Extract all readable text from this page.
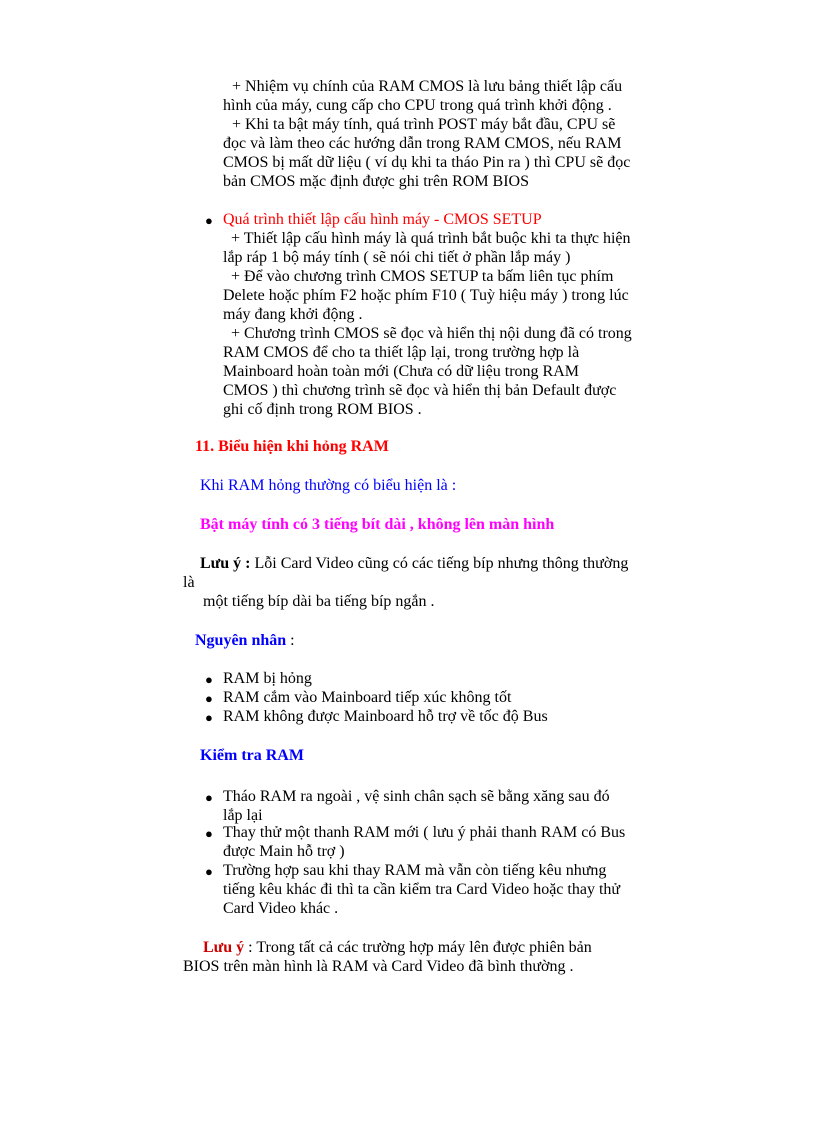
+ Nhiệm vụ chính của RAM CMOS là lưu bảng thiết lập cấu
hình của máy, cung cấp cho CPU trong quá trình khởi động .
+ Khi ta bật máy tính, quá trình POST máy bắt đầu, CPU sẽ
đọc và làm theo các hướng dẫn trong RAM CMOS, nếu RAM
CMOS bị mất dữ liệu ( ví dụ khi ta tháo Pin ra ) thì CPU sẽ đọc
bản CMOS mặc định được ghi trên ROM BIOS
● Quá trình thiết lập cấu hình máy - CMOS SETUP
+ Thiết lập cấu hình máy là quá trình bắt buộc khi ta thực hiện
lắp ráp 1 bộ máy tính ( sẽ nói chi tiết ở phần lắp máy )
+ Để vào chương trình CMOS SETUP ta bấm liên tục phím
Delete hoặc phím F2 hoặc phím F10 ( Tuỳ hiệu máy ) trong lúc
máy đang khởi động .
+ Chương trình CMOS sẽ đọc và hiển thị nội dung đã có trong
RAM CMOS để cho ta thiết lập lại, trong trường hợp là
Mainboard hoàn toàn mới (Chưa có dữ liệu trong RAM
CMOS ) thì chương trình sẽ đọc và hiển thị bản Default được
ghi cố định trong ROM BIOS .
11. Biểu hiện khi hỏng RAM
Khi RAM hỏng thường có biểu hiện là :
Bật máy tính có 3 tiếng bít dài , không lên màn hình
Lưu ý : Lỗi Card Video cũng có các tiếng bíp nhưng thông thường
là
một tiếng bíp dài ba tiếng bíp ngắn .
Nguyên nhân :
● RAM bị hỏng
● RAM cắm vào Mainboard tiếp xúc không tốt
● RAM không được Mainboard hỗ trợ về tốc độ Bus
Kiểm tra RAM
● Tháo RAM ra ngoài , vệ sinh chân sạch sẽ bằng xăng sau đó
lắp lại
● Thay thử một thanh RAM mới ( lưu ý phải thanh RAM có Bus
được Main hỗ trợ )
● Trường hợp sau khi thay RAM mà vẫn còn tiếng kêu nhưng
tiếng kêu khác đi thì ta cần kiểm tra Card Video hoặc thay thử
Card Video khác .
Lưu ý : Trong tất cả các trường hợp máy lên được phiên bản
BIOS trên màn hình là RAM và Card Video đã bình thường .
